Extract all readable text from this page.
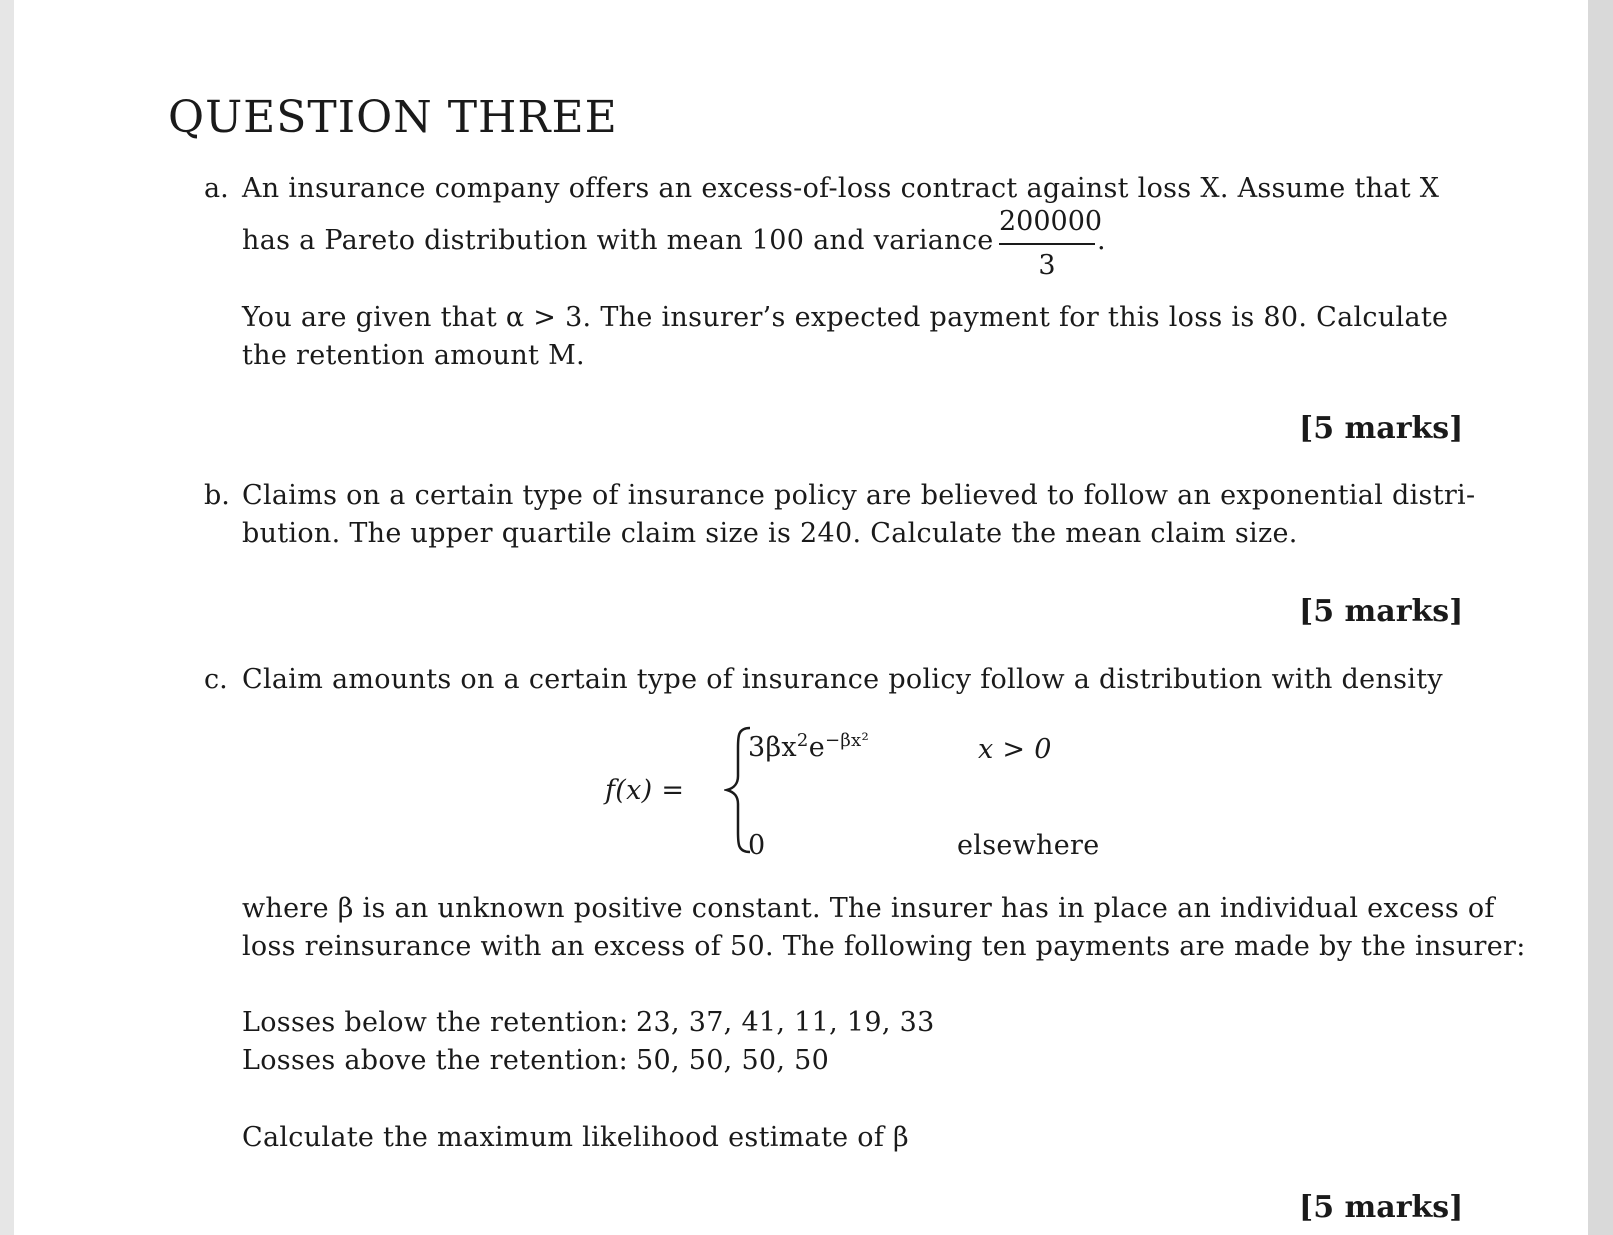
QUESTION THREE
a. An insurance company offers an excess-of-loss contract against loss X. Assume that X
has a Pareto distribution with mean 100 and variance
200000
3
.
You are given that α > 3. The insurer’s expected payment for this loss is 80. Calculate
the retention amount M.
[5 marks]
b. Claims on a certain type of insurance policy are believed to follow an exponential distri-
bution. The upper quartile claim size is 240. Calculate the mean claim size.
[5 marks]
c. Claim amounts on a certain type of insurance policy follow a distribution with density
f(x) =
$3\beta x^2e^{-\beta x^2}$	x > 0
0	elsewhere
where β is an unknown positive constant. The insurer has in place an individual excess of
loss reinsurance with an excess of 50. The following ten payments are made by the insurer:
Losses below the retention: 23, 37, 41, 11, 19, 33
Losses above the retention: 50, 50, 50, 50
Calculate the maximum likelihood estimate of β
[5 marks]
